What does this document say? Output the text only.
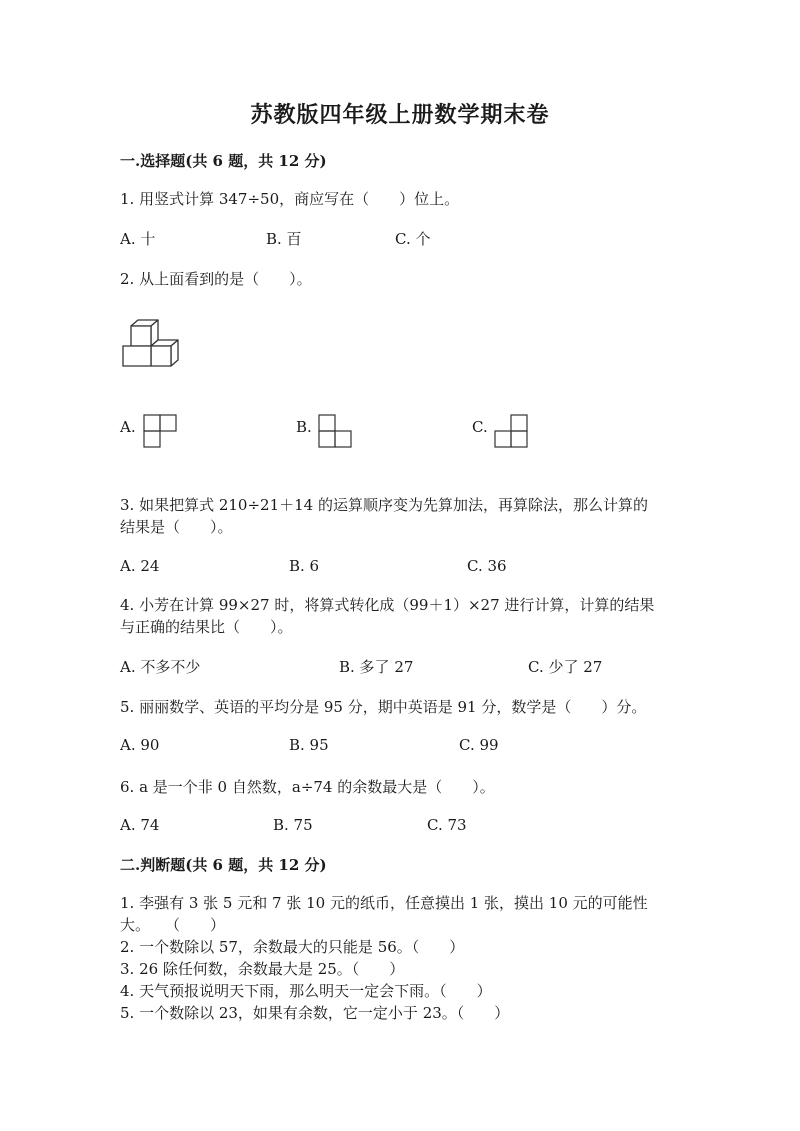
苏教版四年级上册数学期末卷
一.选择题(共 6 题，共 12 分)
1. 用竖式计算 347÷50，商应写在（　　）位上。
A. 十	B. 百	C. 个
2. 从上面看到的是（　　）。
A.	B.	C.
3. 如果把算式 210÷21＋14 的运算顺序变为先算加法，再算除法，那么计算的
结果是（　　）。
A. 24	B. 6	C. 36
4. 小芳在计算 99×27 时，将算式转化成（99＋1）×27 进行计算，计算的结果
与正确的结果比（　　）。
A. 不多不少	B. 多了 27	C. 少了 27
5. 丽丽数学、英语的平均分是 95 分，期中英语是 91 分，数学是（　　）分。
A. 90	B. 95	C. 99
6. a 是一个非 0 自然数，a÷74 的余数最大是（　　）。
A. 74	B. 75	C. 73
二.判断题(共 6 题，共 12 分)
1. 李强有 3 张 5 元和 7 张 10 元的纸币，任意摸出 1 张，摸出 10 元的可能性
大。　　（　　）
2. 一个数除以 57，余数最大的只能是 56。（　　）
3. 26 除任何数，余数最大是 25。（　　）
4. 天气预报说明天下雨，那么明天一定会下雨。（　　）
5. 一个数除以 23，如果有余数，它一定小于 23。（　　）
